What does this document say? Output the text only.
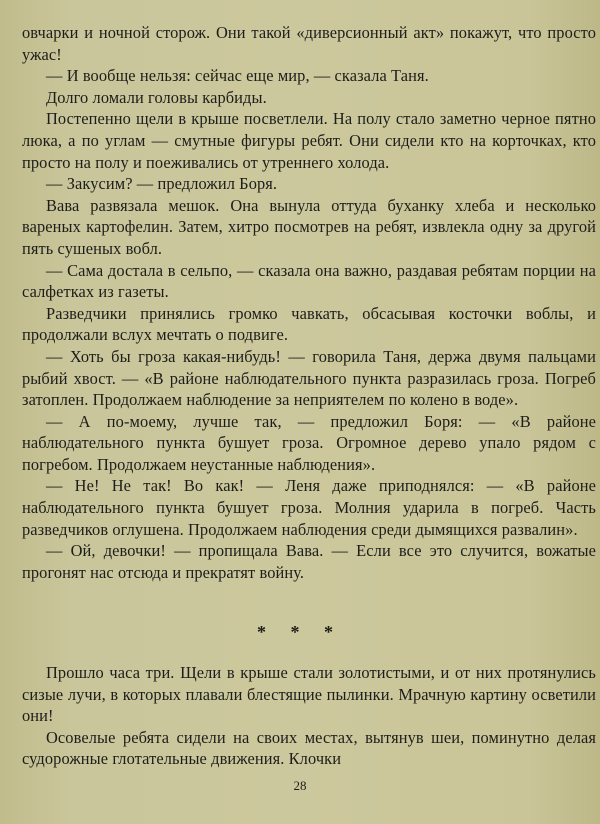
овчарки и ночной сторож. Они такой «диверсионный акт» покажут, что просто ужас!

— И вообще нельзя: сейчас еще мир, — сказала Таня.

Долго ломали головы карбиды.

Постепенно щели в крыше посветлели. На полу стало заметно черное пятно люка, а по углам — смутные фигуры ребят. Они сидели кто на корточках, кто просто на полу и поеживались от утреннего холода.

— Закусим? — предложил Боря.

Вава развязала мешок. Она вынула оттуда буханку хлеба и несколько вареных картофелин. Затем, хитро посмотрев на ребят, извлекла одну за другой пять сушеных вобл.

— Сама достала в сельпо, — сказала она важно, раздавая ребятам порции на салфетках из газеты.

Разведчики принялись громко чавкать, обсасывая косточки воблы, и продолжали вслух мечтать о подвиге.

— Хоть бы гроза какая-нибудь! — говорила Таня, держа двумя пальцами рыбий хвост. — «В районе наблюдательного пункта разразилась гроза. Погреб затоплен. Продолжаем наблюдение за неприятелем по колено в воде».

— А по-моему, лучше так, — предложил Боря: — «В районе наблюдательного пункта бушует гроза. Огромное дерево упало рядом с погребом. Продолжаем неустанные наблюдения».

— Не! Не так! Во как! — Леня даже приподнялся: — «В районе наблюдательного пункта бушует гроза. Молния ударила в погреб. Часть разведчиков оглушена. Продолжаем наблюдения среди дымящихся развалин».

— Ой, девочки! — пропищала Вава. — Если все это случится, вожатые прогонят нас отсюда и прекратят войну.

* * *

Прошло часа три. Щели в крыше стали золотистыми, и от них протянулись сизые лучи, в которых плавали блестящие пылинки. Мрачную картину осветили они!

Осовелые ребята сидели на своих местах, вытянув шеи, поминутно делая судорожные глотательные движения. Клочки

28
